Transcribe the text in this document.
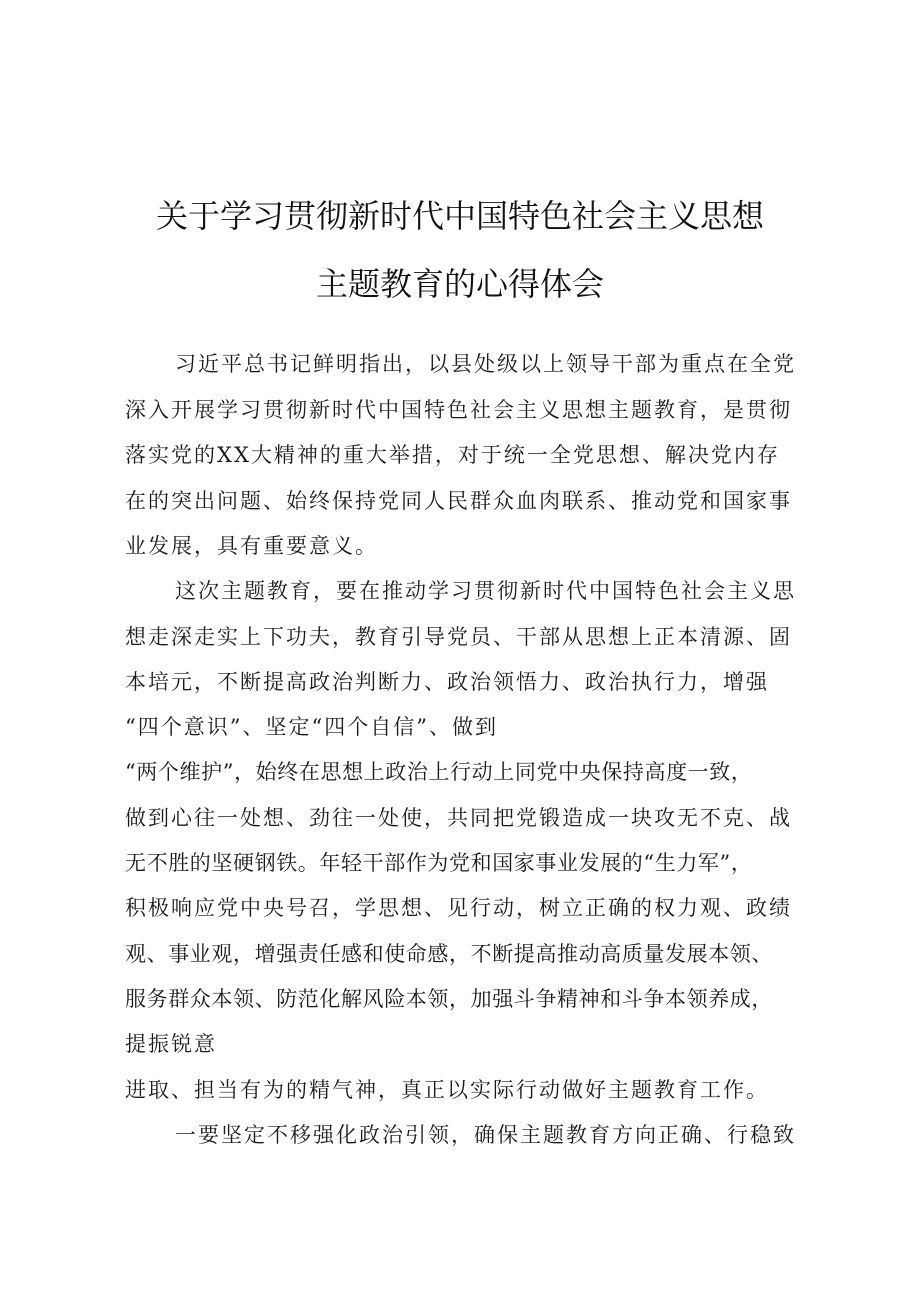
关于学习贯彻新时代中国特色社会主义思想
主题教育的心得体会
习近平总书记鲜明指出，以县处级以上领导干部为重点在全党
深入开展学习贯彻新时代中国特色社会主义思想主题教育，是贯彻
落实党的XX大精神的重大举措，对于统一全党思想、解决党内存
在的突出问题、始终保持党同人民群众血肉联系、推动党和国家事
业发展，具有重要意义。
这次主题教育，要在推动学习贯彻新时代中国特色社会主义思
想走深走实上下功夫，教育引导党员、干部从思想上正本清源、固
本培元，不断提高政治判断力、政治领悟力、政治执行力，增强
“四个意识”、坚定“四个自信”、做到
“两个维护”，始终在思想上政治上行动上同党中央保持高度一致，
做到心往一处想、劲往一处使，共同把党锻造成一块攻无不克、战
无不胜的坚硬钢铁。年轻干部作为党和国家事业发展的“生力军”，
积极响应党中央号召，学思想、见行动，树立正确的权力观、政绩
观、事业观，增强责任感和使命感，不断提高推动高质量发展本领、
服务群众本领、防范化解风险本领，加强斗争精神和斗争本领养成，
提振锐意
进取、担当有为的精气神，真正以实际行动做好主题教育工作。
一要坚定不移强化政治引领，确保主题教育方向正确、行稳致
